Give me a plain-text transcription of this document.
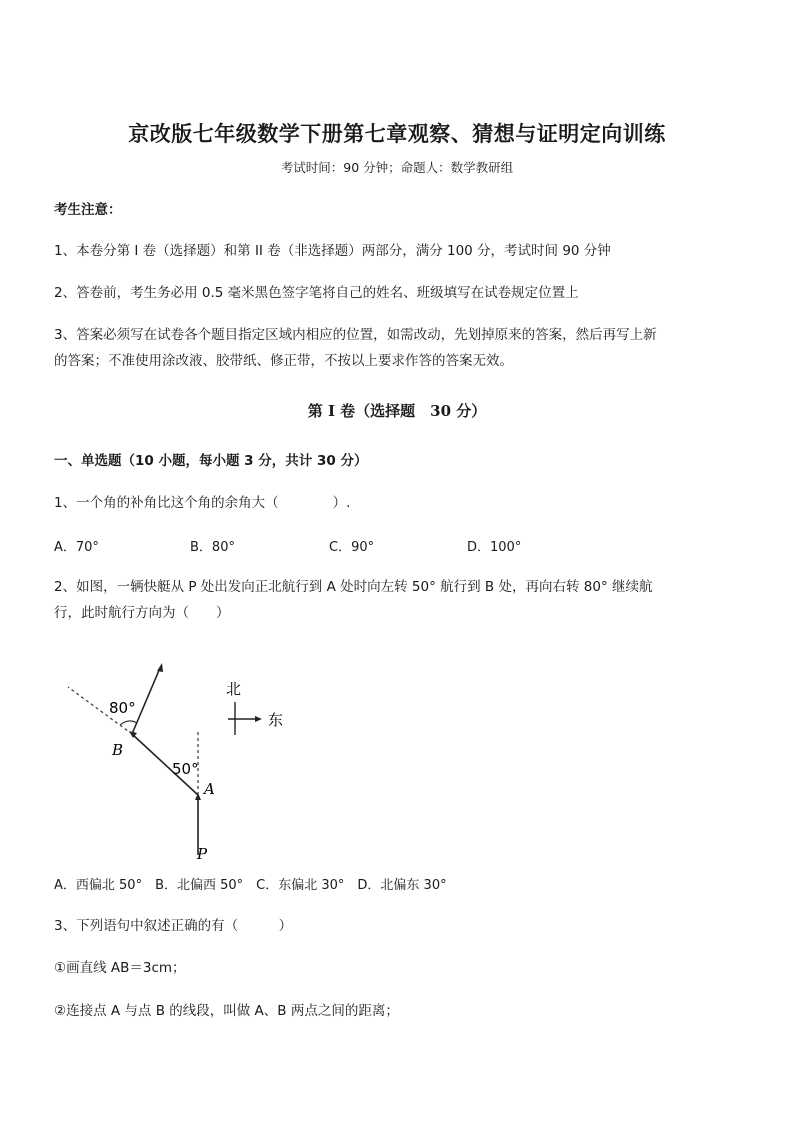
京改版七年级数学下册第七章观察、猜想与证明定向训练
考试时间：90 分钟；命题人：数学教研组
考生注意：
1、本卷分第 I 卷（选择题）和第 II 卷（非选择题）两部分，满分 100 分，考试时间 90 分钟
2、答卷前，考生务必用 0.5 毫米黑色签字笔将自己的姓名、班级填写在试卷规定位置上
3、答案必须写在试卷各个题目指定区域内相应的位置，如需改动，先划掉原来的答案，然后再写上新
的答案；不准使用涂改液、胶带纸、修正带，不按以上要求作答的答案无效。
第 I 卷（选择题　30 分）
一、单选题（10 小题，每小题 3 分，共计 30 分）
1、一个角的补角比这个角的余角大（　　　　）.
A．70°	B．80°	C．90°	D．100°
2、如图，一辆快艇从 P 处出发向正北航行到 A 处时向左转 50° 航行到 B 处，再向右转 80° 继续航
行，此时航行方向为（　　）
80°
50°
B
A
P
北
东
A．西偏北 50°　B．北偏西 50°　C．东偏北 30°　D．北偏东 30°
3、下列语句中叙述正确的有（　　　）
①画直线 AB＝3cm；
②连接点 A 与点 B 的线段，叫做 A、B 两点之间的距离；
